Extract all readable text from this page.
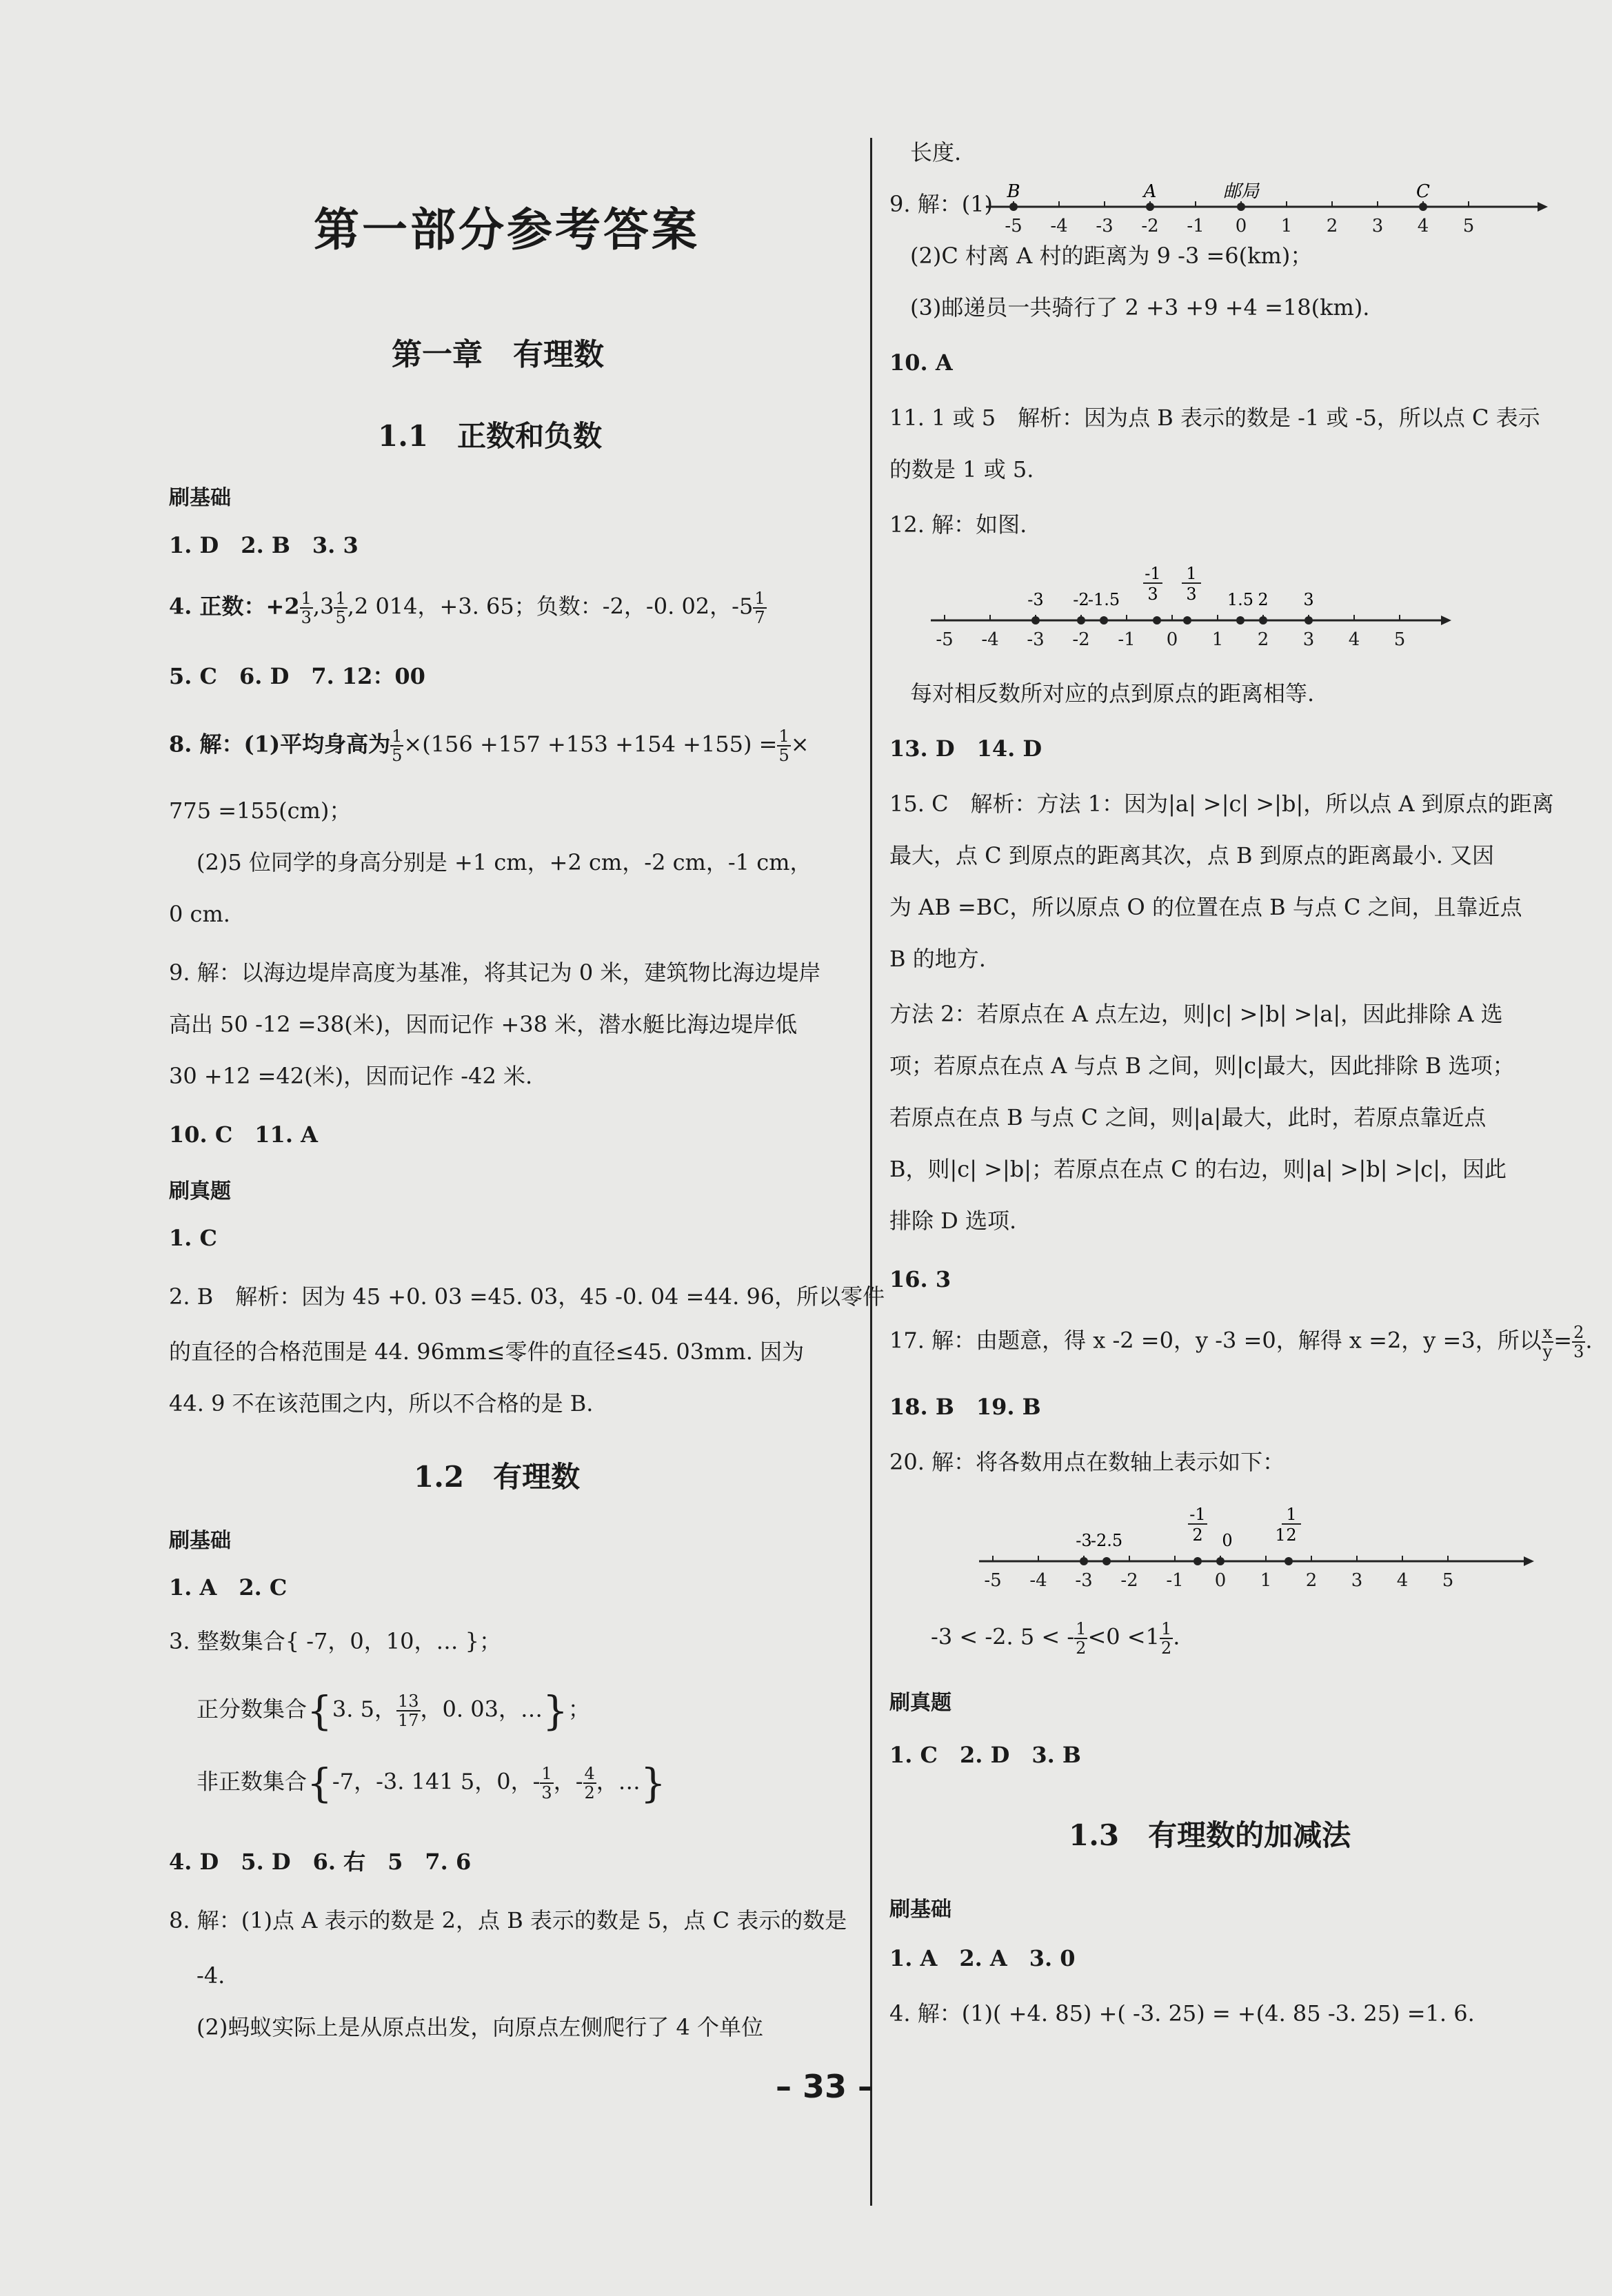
第一部分参考答案
第一章　有理数
1.1　正数和负数
刷基础
1. D　2. B　3. 3
4. 正数：$+2 \frac{1}{3} ,3 \frac{1}{5} ,2$ 014，+3. 65；负数：-2，-0. 02，$-5 \frac{1}{7}$
5. C　6. D　7. 12：00
8. 解：(1)平均身高为 $\frac{1}{5} \times(156 +157 +153 +154 +155) = \frac{1}{5}$ ×
775 =155(cm)；
(2)5 位同学的身高分别是 +1 cm，+2 cm，-2 cm，-1 cm，
0 cm.
9. 解：以海边堤岸高度为基准，将其记为 0 米，建筑物比海边堤岸
高出 50 -12 =38(米)，因而记作 +38 米，潜水艇比海边堤岸低
30 +12 =42(米)，因而记作 -42 米.
10. C　11. A
刷真题
1. C
2. B　解析：因为 45 +0. 03 =45. 03，45 -0. 04 =44. 96，所以零件
的直径的合格范围是 44. 96mm≤零件的直径≤45. 03mm. 因为
44. 9 不在该范围之内，所以不合格的是 B.
1.2　有理数
刷基础
1. A　2. C
3. 整数集合{ -7，0，10，… }；
正分数集合{3. 5， $\frac{13}{17}$ ，0. 03，…}；
非正数集合{-7，-3. 141 5，0，- $\frac{1}{3}$ ，- $\frac{4}{2}$ ，…}
4. D　5. D　6. 右　5　7. 6
8. 解：(1)点 A 表示的数是 2，点 B 表示的数是 5，点 C 表示的数是
-4.
(2)蚂蚁实际上是从原点出发，向原点左侧爬行了 4 个单位
长度.
9. 解：(1)
-5 -4 -3 -2 -1 0 1 2 3 4 5
B	A	邮局	C
(2)C 村离 A 村的距离为 9 -3 =6(km)；
(3)邮递员一共骑行了 2 +3 +9 +4 =18(km).
10. A
11. 1 或 5　解析：因为点 B 表示的数是 -1 或 -5，所以点 C 表示
的数是 1 或 5.
12. 解：如图.
-5 -4 -3 -2 -1 0 1 2 3 4 5
-3 -2
-1.5	1.5 2 3
-1
3
1
3
每对相反数所对应的点到原点的距离相等.
13. D　14. D
15. C　解析：方法 1：因为|a| >|c| >|b|，所以点 A 到原点的距离
最大，点 C 到原点的距离其次，点 B 到原点的距离最小. 又因
为 AB =BC，所以原点 O 的位置在点 B 与点 C 之间，且靠近点
B 的地方.
方法 2：若原点在 A 点左边，则|c| >|b| >|a|，因此排除 A 选
项；若原点在点 A 与点 B 之间，则|c|最大，因此排除 B 选项；
若原点在点 B 与点 C 之间，则|a|最大，此时，若原点靠近点
B，则|c| >|b|；若原点在点 C 的右边，则|a| >|b| >|c|，因此
排除 D 选项.
16. 3
17. 解：由题意，得 x -2 =0，y -3 =0，解得 x =2，y =3，所以 $\frac{x}{y} = \frac{2}{3}$ .
18. B　19. B
20. 解：将各数用点在数轴上表示如下：
-5 -4 -3 -2 -1 0 1 2 3 4 5
-3
-2.5	0
-1
2	1
1
2
-3 < -2. 5 < - $\frac{1}{2} <0 <1 \frac{1}{2}$ .
刷真题
1. C　2. D　3. B
1.3　有理数的加减法
刷基础
1. A　2. A　3. 0
4. 解：(1)( +4. 85) +( -3. 25) = +(4. 85 -3. 25) =1. 6.
– 33 –
